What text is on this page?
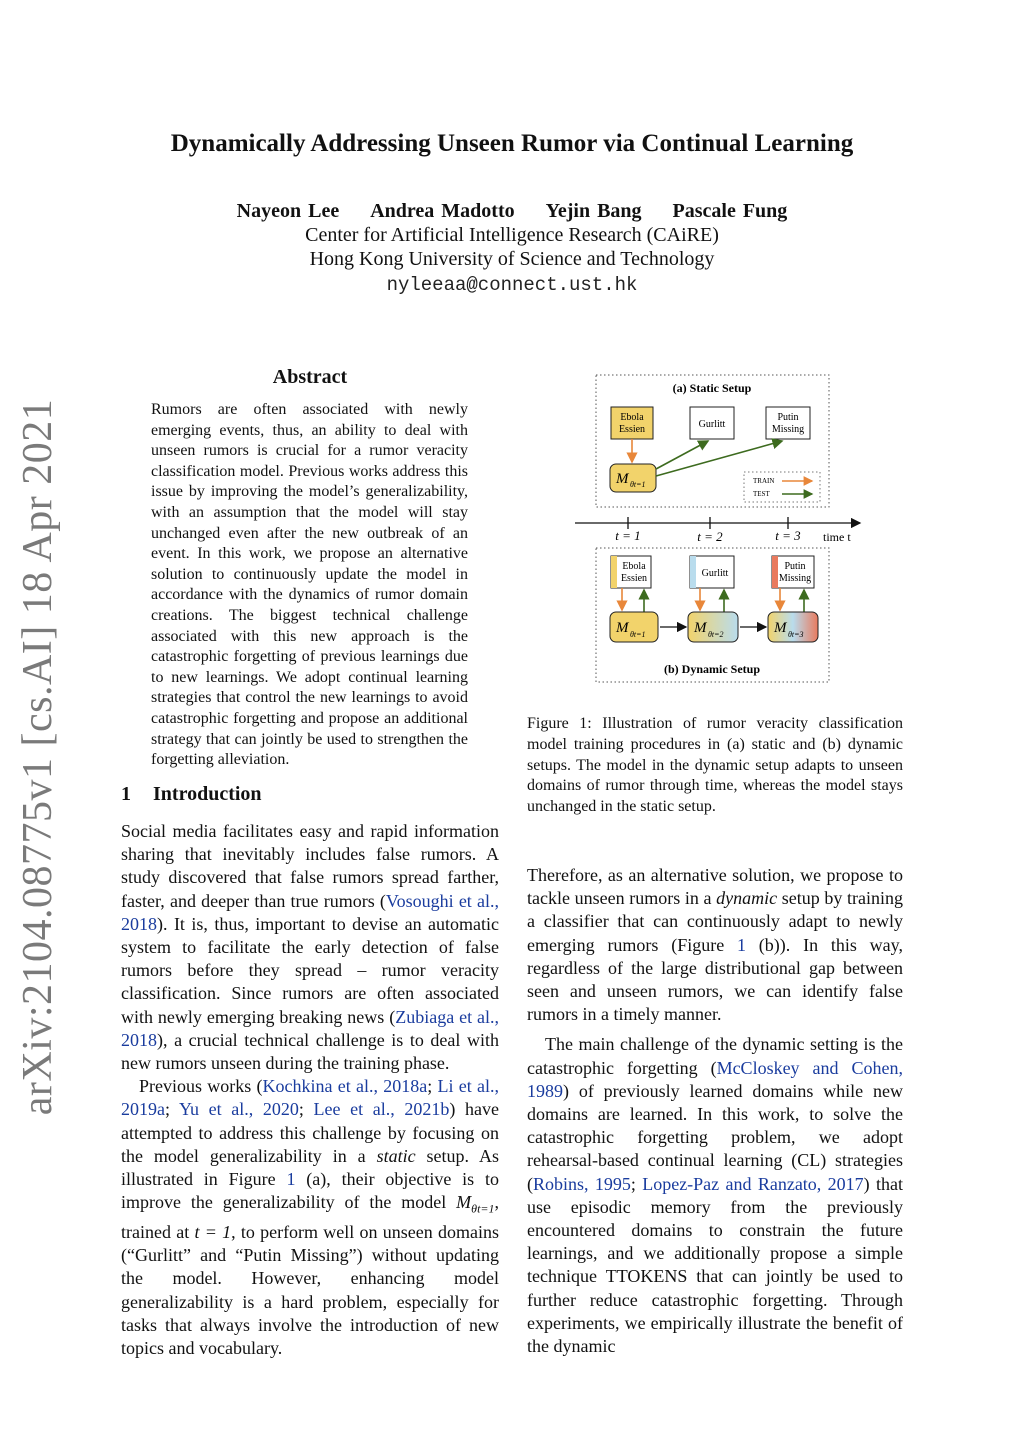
arXiv:2104.08775v1 [cs.AI] 18 Apr 2021
Dynamically Addressing Unseen Rumor via Continual Learning
Nayeon Lee Andrea Madotto Yejin Bang Pascale Fung
Center for Artificial Intelligence Research (CAiRE)
Hong Kong University of Science and Technology
nyleeaa@connect.ust.hk
Abstract
Rumors are often associated with newly emerging events, thus, an ability to deal with unseen rumors is crucial for a rumor veracity classification model. Previous works address this issue by improving the model’s generalizability, with an assumption that the model will stay unchanged even after the new outbreak of an event. In this work, we propose an alternative solution to continuously update the model in accordance with the dynamics of rumor domain creations. The biggest technical challenge associated with this new approach is the catastrophic forgetting of previous learnings due to new learnings. We adopt continual learning strategies that control the new learnings to avoid catastrophic forgetting and propose an additional strategy that can jointly be used to strengthen the forgetting alleviation.
1 Introduction

Social media facilitates easy and rapid information sharing that inevitably includes false rumors. A study discovered that false rumors spread farther, faster, and deeper than true rumors (Vosoughi et al., 2018). It is, thus, important to devise an automatic system to facilitate the early detection of false rumors before they spread – rumor veracity classification. Since rumors are often associated with newly emerging breaking news (Zubiaga et al., 2018), a crucial technical challenge is to deal with new rumors unseen during the training phase.

Previous works (Kochkina et al., 2018a; Li et al., 2019a; Yu et al., 2020; Lee et al., 2021b) have attempted to address this challenge by focusing on the model generalizability in a static setup. As illustrated in Figure 1 (a), their objective is to improve the generalizability of the model $M_{\theta t=1}$, trained at t = 1, to perform well on unseen domains (“Gurlitt” and “Putin Missing”) without updating the model. However, enhancing model generalizability is a hard problem, especially for tasks that always involve the introduction of new topics and vocabulary.

(a) Static Setup
Ebola
Essien	Gurlitt
Putin
Missing
M θt=1	TRAIN
TEST
t = 1	t = 2	t = 3 time t
Ebola
Essien	Gurlitt
Putin
Missing
M θt=1	M θt=2	M θt=3
(b) Dynamic Setup
Figure 1: Illustration of rumor veracity classification model training procedures in (a) static and (b) dynamic setups. The model in the dynamic setup adapts to unseen domains of rumor through time, whereas the model stays unchanged in the static setup.

Therefore, as an alternative solution, we propose to tackle unseen rumors in a dynamic setup by training a classifier that can continuously adapt to newly emerging rumors (Figure 1 (b)). In this way, regardless of the large distributional gap between seen and unseen rumors, we can identify false rumors in a timely manner.

The main challenge of the dynamic setting is the catastrophic forgetting (McCloskey and Cohen, 1989) of previously learned domains while new domains are learned. In this work, to solve the catastrophic forgetting problem, we adopt rehearsal-based continual learning (CL) strategies (Robins, 1995; Lopez-Paz and Ranzato, 2017) that use episodic memory from the previously encountered domains to constrain the future learnings, and we additionally propose a simple technique TTOKENS that can jointly be used to further reduce catastrophic forgetting. Through experiments, we empirically illustrate the benefit of the dynamic
